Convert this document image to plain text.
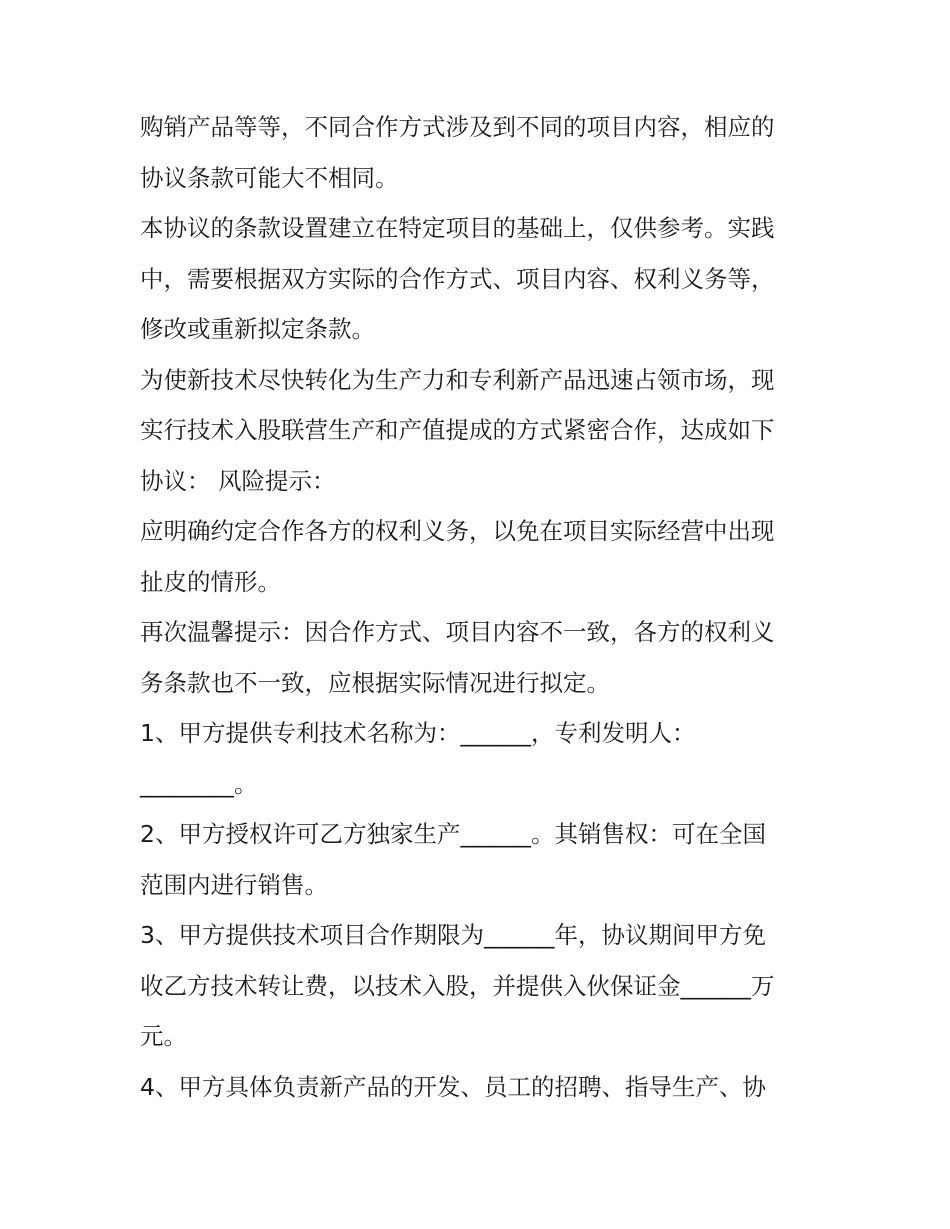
购销产品等等，不同合作方式涉及到不同的项目内容，相应的

协议条款可能大不相同。

本协议的条款设置建立在特定项目的基础上，仅供参考。实践

中，需要根据双方实际的合作方式、项目内容、权利义务等，

修改或重新拟定条款。

为使新技术尽快转化为生产力和专利新产品迅速占领市场，现

实行技术入股联营生产和产值提成的方式紧密合作，达成如下

协议： 风险提示：

应明确约定合作各方的权利义务，以免在项目实际经营中出现

扯皮的情形。

再次温馨提示：因合作方式、项目内容不一致，各方的权利义

务条款也不一致，应根据实际情况进行拟定。

1、甲方提供专利技术名称为：______，专利发明人：

________。

2、甲方授权许可乙方独家生产______。其销售权：可在全国

范围内进行销售。

3、甲方提供技术项目合作期限为______年，协议期间甲方免

收乙方技术转让费，以技术入股，并提供入伙保证金______万

元。

4、甲方具体负责新产品的开发、员工的招聘、指导生产、协
